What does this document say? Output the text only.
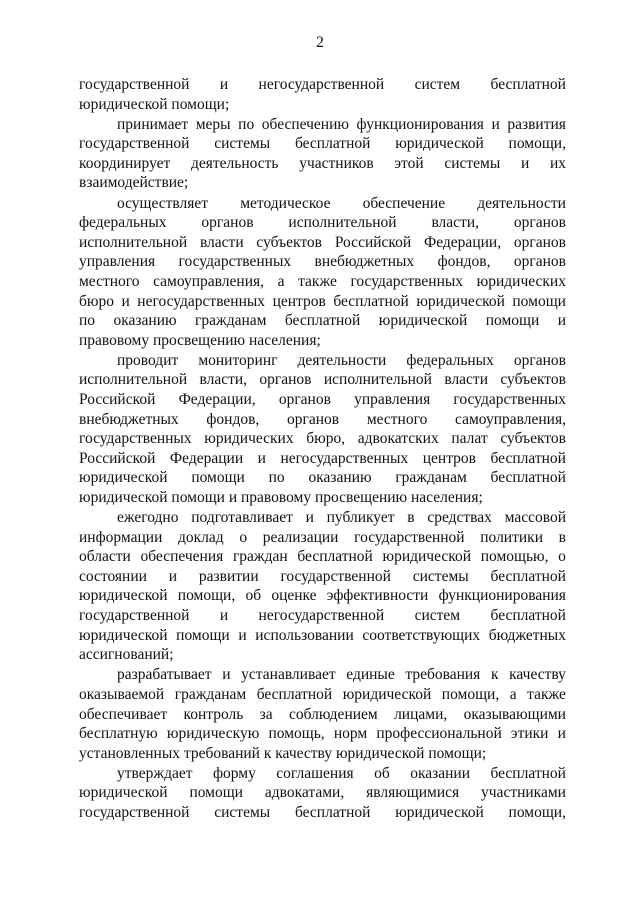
2
государственной и негосударственной систем бесплатной
юридической помощи;
принимает меры по обеспечению функционирования и развития
государственной системы бесплатной юридической помощи,
координирует деятельность участников этой системы и их
взаимодействие;
осуществляет методическое обеспечение деятельности
федеральных органов исполнительной власти, органов
исполнительной власти субъектов Российской Федерации, органов
управления государственных внебюджетных фондов, органов
местного самоуправления, а также государственных юридических
бюро и негосударственных центров бесплатной юридической помощи
по оказанию гражданам бесплатной юридической помощи и
правовому просвещению населения;
проводит мониторинг деятельности федеральных органов
исполнительной власти, органов исполнительной власти субъектов
Российской Федерации, органов управления государственных
внебюджетных фондов, органов местного самоуправления,
государственных юридических бюро, адвокатских палат субъектов
Российской Федерации и негосударственных центров бесплатной
юридической помощи по оказанию гражданам бесплатной
юридической помощи и правовому просвещению населения;
ежегодно подготавливает и публикует в средствах массовой
информации доклад о реализации государственной политики в
области обеспечения граждан бесплатной юридической помощью, о
состоянии и развитии государственной системы бесплатной
юридической помощи, об оценке эффективности функционирования
государственной и негосударственной систем бесплатной
юридической помощи и использовании соответствующих бюджетных
ассигнований;
разрабатывает и устанавливает единые требования к качеству
оказываемой гражданам бесплатной юридической помощи, а также
обеспечивает контроль за соблюдением лицами, оказывающими
бесплатную юридическую помощь, норм профессиональной этики и
установленных требований к качеству юридической помощи;
утверждает форму соглашения об оказании бесплатной
юридической помощи адвокатами, являющимися участниками
государственной системы бесплатной юридической помощи,
